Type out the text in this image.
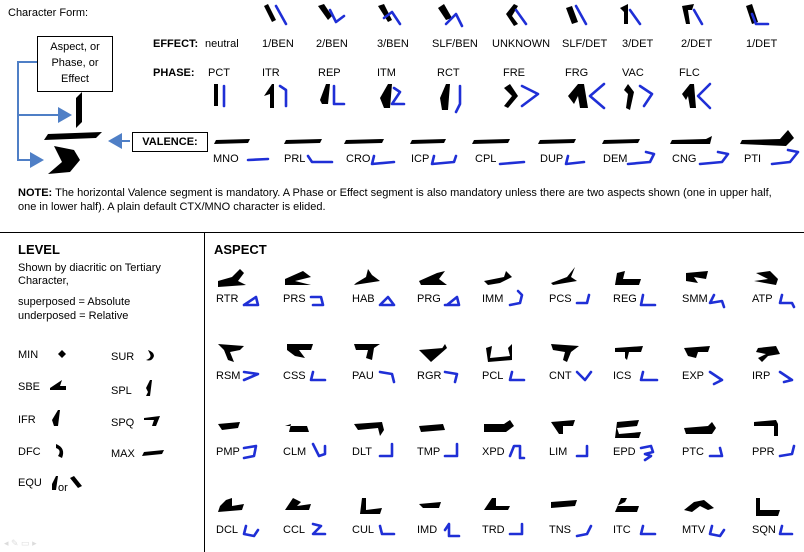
Character Form:
Aspect, or Phase, or Effect
VALENCE:
EFFECT:
PHASE:
neutral 1/BEN 2/BEN	3/BEN SLF/BEN UNKNOWN SLF/DET 3/DET	2/DET	1/DET
PCT	ITR	REP	ITM	RCT	FRE	FRG	VAC	FLC
MNO	PRL	CRO	ICP	CPL	DUP	DEM	CNG	PTI
NOTE: The horizontal Valence segment is mandatory. A Phase or Effect segment is also mandatory unless there are two aspects shown (one in upper half, one in lower half). A plain default CTX/MNO character is elided.
LEVEL
Shown by diacritic on Tertiary Character,
superposed = Absolute
underposed = Relative
MIN
SBE
IFR
DFC
EQU or
SUR
SPL
SPQ
MAX
ASPECT
RTR	PRS	HAB	PRG	IMM	PCS	REG	SMM	ATP
RSM	CSS	PAU	RGR	PCL	CNT	ICS	EXP	IRP
PMP	CLM	DLT	TMP	XPD	LIM	EPD	PTC	PPR
DCL	CCL	CUL	IMD	TRD	TNS	ITC	MTV	SQN
◂ ✎ ▭ ▸
